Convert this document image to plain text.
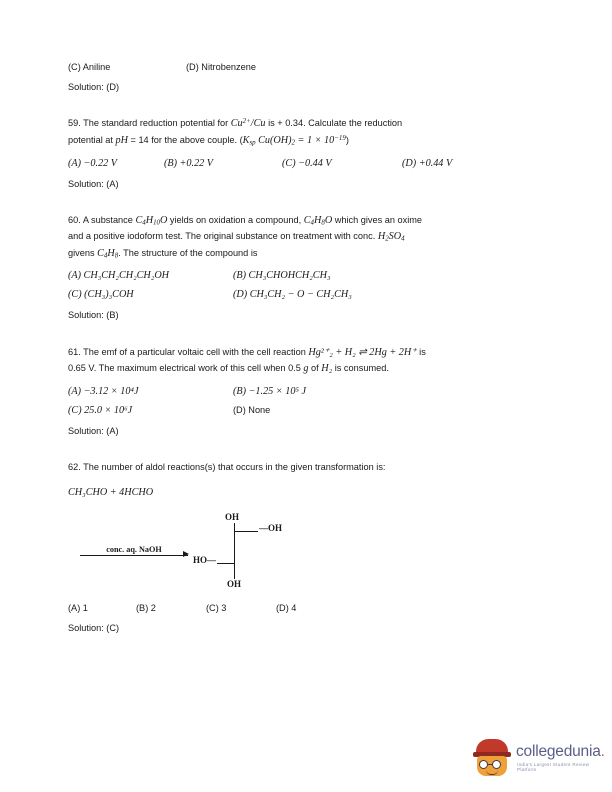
(C) Aniline	(D) Nitrobenzene
Solution: (D)
59. The standard reduction potential for $Cu^{2+}/Cu$ is + 0.34. Calculate the reduction
potential at pH = 14 for the above couple. ($K_{sp}$ $Cu(OH)_2 = 1 \times 10^{-19}$)
(A) −0.22 V	(B) +0.22 V	(C) −0.44 V	(D) +0.44 V
Solution: (A)
60. A substance $C_4H_{10}O$ yields on oxidation a compound, $C_4H_8O$ which gives an oxime
and a positive iodoform test. The original substance on treatment with conc. $H_2SO_4$
givens $C_4H_8$. The structure of the compound is
(A) CH₃CH₂CH₂CH₂OH	(B) CH₃CHOHCH₂CH₃
(C) (CH₃)₃COH	(D) CH₃CH₂ − O − CH₂CH₃
Solution: (B)
61. The emf of a particular voltaic cell with the cell reaction Hg²⁺₂ + H₂ ⇌ 2Hg + 2H⁺ is
0.65 V. The maximum electrical work of this cell when 0.5 g of H₂ is consumed.
(A) −3.12 × 10⁴J	(B) −1.25 × 10⁵ J
(C) 25.0 × 10⁶J	(D) None
Solution: (A)
62. The number of aldol reactions(s) that occurs in the given transformation is:
CH₃CHO + 4HCHO
conc. aq. NaOH
OH
—OH
HO—
OH
(A) 1	(B) 2	(C) 3	(D) 4
Solution: (C)
collegedunia.
India's Largest Student Review Platform
